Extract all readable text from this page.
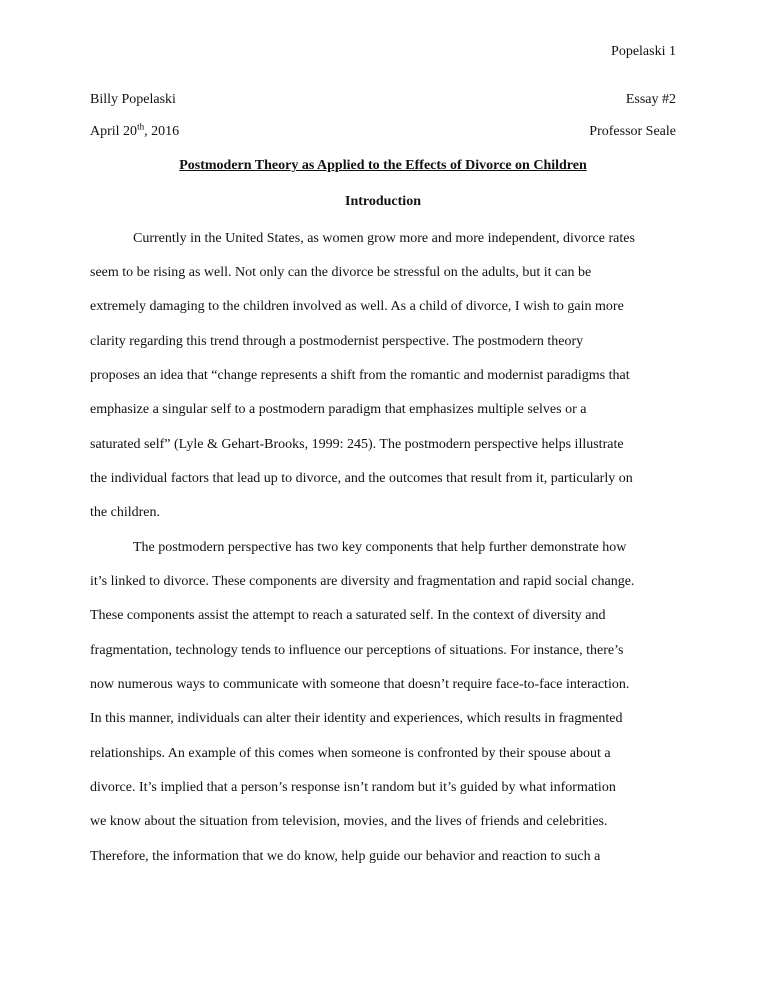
Popelaski 1
Billy Popelaski	Essay #2
April 20th, 2016	Professor Seale
Postmodern Theory as Applied to the Effects of Divorce on Children
Introduction
Currently in the United States, as women grow more and more independent, divorce rates
seem to be rising as well. Not only can the divorce be stressful on the adults, but it can be
extremely damaging to the children involved as well. As a child of divorce, I wish to gain more
clarity regarding this trend through a postmodernist perspective. The postmodern theory
proposes an idea that “change represents a shift from the romantic and modernist paradigms that
emphasize a singular self to a postmodern paradigm that emphasizes multiple selves or a
saturated self” (Lyle & Gehart-Brooks, 1999: 245). The postmodern perspective helps illustrate
the individual factors that lead up to divorce, and the outcomes that result from it, particularly on
the children.
The postmodern perspective has two key components that help further demonstrate how
it’s linked to divorce. These components are diversity and fragmentation and rapid social change.
These components assist the attempt to reach a saturated self. In the context of diversity and
fragmentation, technology tends to influence our perceptions of situations. For instance, there’s
now numerous ways to communicate with someone that doesn’t require face-to-face interaction.
In this manner, individuals can alter their identity and experiences, which results in fragmented
relationships. An example of this comes when someone is confronted by their spouse about a
divorce. It’s implied that a person’s response isn’t random but it’s guided by what information
we know about the situation from television, movies, and the lives of friends and celebrities.
Therefore, the information that we do know, help guide our behavior and reaction to such a
